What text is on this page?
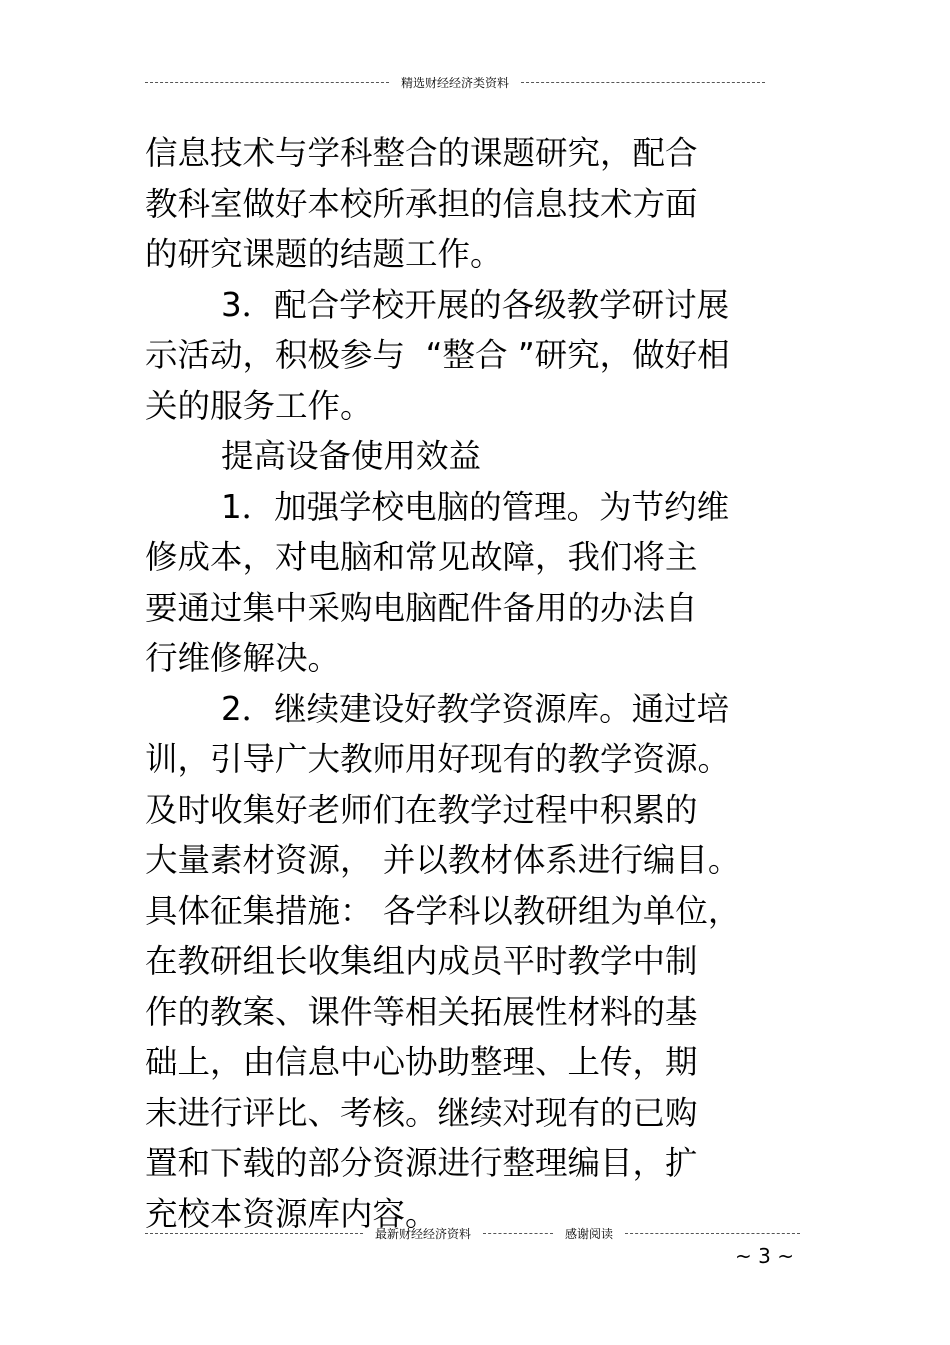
精选财经经济类资料
信息技术与学科整合的课题研究，配合
教科室做好本校所承担的信息技术方面
的研究课题的结题工作。
3．配合学校开展的各级教学研讨展
示活动，积极参与  “整合 ”研究，做好相
关的服务工作。
提高设备使用效益
1．加强学校电脑的管理。为节约维
修成本，对电脑和常见故障，我们将主
要通过集中采购电脑配件备用的办法自
行维修解决。
2．继续建设好教学资源库。通过培
训，引导广大教师用好现有的教学资源。
及时收集好老师们在教学过程中积累的
大量素材资源， 并以教材体系进行编目。
具体征集措施： 各学科以教研组为单位，
在教研组长收集组内成员平时教学中制
作的教案、课件等相关拓展性材料的基
础上，由信息中心协助整理、上传，期
末进行评比、考核。继续对现有的已购
置和下载的部分资源进行整理编目，扩
充校本资源库内容。
最新财经经济资料	感谢阅读
~ 3 ~
